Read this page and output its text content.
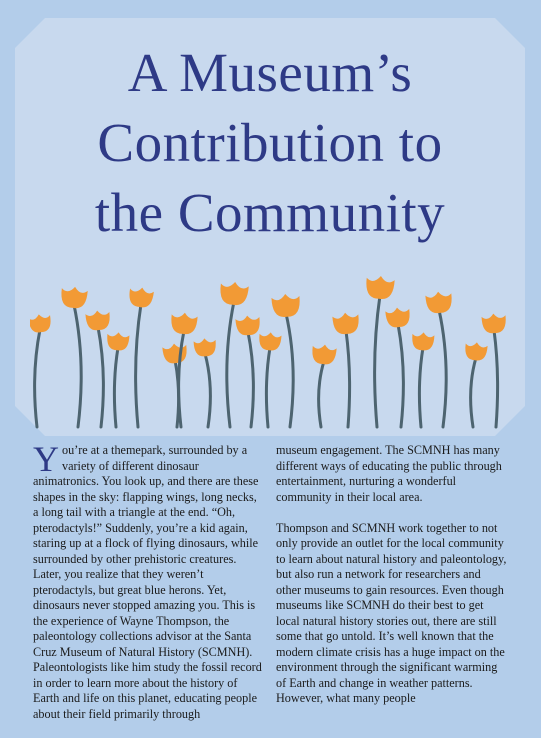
A Museum’s
Contribution to
the Community

You’re at a themepark, surrounded by a variety of different dinosaur animatronics. You look up, and there are these shapes in the sky: flapping wings, long necks, a long tail with a triangle at the end. “Oh, pterodactyls!” Suddenly, you’re a kid again, staring up at a flock of flying dinosaurs, while surrounded by other prehistoric creatures. Later, you realize that they weren’t pterodactyls, but great blue herons. Yet, dinosaurs never stopped amazing you. This is the experience of Wayne Thompson, the paleontology collections advisor at the Santa Cruz Museum of Natural History (SCMNH). Paleontologists like him study the fossil record in order to learn more about the history of Earth and life on this planet, educating people about their field primarily through

museum engagement. The SCMNH has many different ways of educating the public through entertainment, nurturing a wonderful community in their local area.

Thompson and SCMNH work together to not only provide an outlet for the local community to learn about natural history and paleontology, but also run a network for researchers and other museums to gain resources. Even though museums like SCMNH do their best to get local natural history stories out, there are still some that go untold. It’s well known that the modern climate crisis has a huge impact on the environment through the significant warming of Earth and change in weather patterns. However, what many people
